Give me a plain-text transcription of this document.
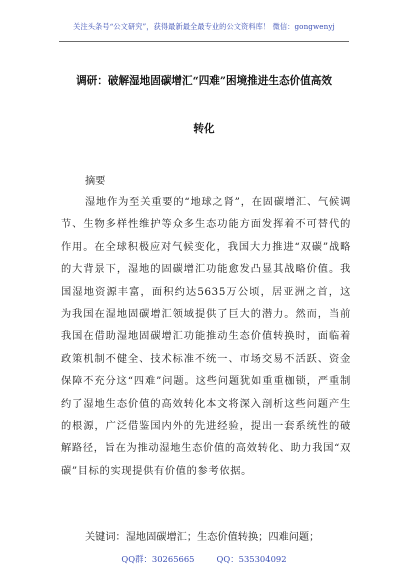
关注头条号“公文研究”，获得最新最全最专业的公文资料库！ 微信：gongwenyj
调研：破解湿地固碳增汇“四难”困境推进生态价值高效
转化
摘要
湿地作为至关重要的“地球之肾”，在固碳增汇、气候调节、生物多样性维护等众多生态功能方面发挥着不可替代的作用。在全球积极应对气候变化，我国大力推进“双碳”战略的大背景下，湿地的固碳增汇功能愈发凸显其战略价值。我国湿地资源丰富，面积约达5635万公顷，居亚洲之首，这为我国在湿地固碳增汇领域提供了巨大的潜力。然而，当前我国在借助湿地固碳增汇功能推动生态价值转换时，面临着政策机制不健全、技术标准不统一、市场交易不活跃、资金保障不充分这“四难”问题。这些问题犹如重重枷锁，严重制约了湿地生态价值的高效转化本文将深入剖析这些问题产生的根源，广泛借鉴国内外的先进经验，提出一套系统性的破解路径，旨在为推动湿地生态价值的高效转化、助力我国“双碳”目标的实现提供有价值的参考依据。
关键词：湿地固碳增汇；生态价值转换；四难问题；
QQ群：30265665	QQ：535304092
